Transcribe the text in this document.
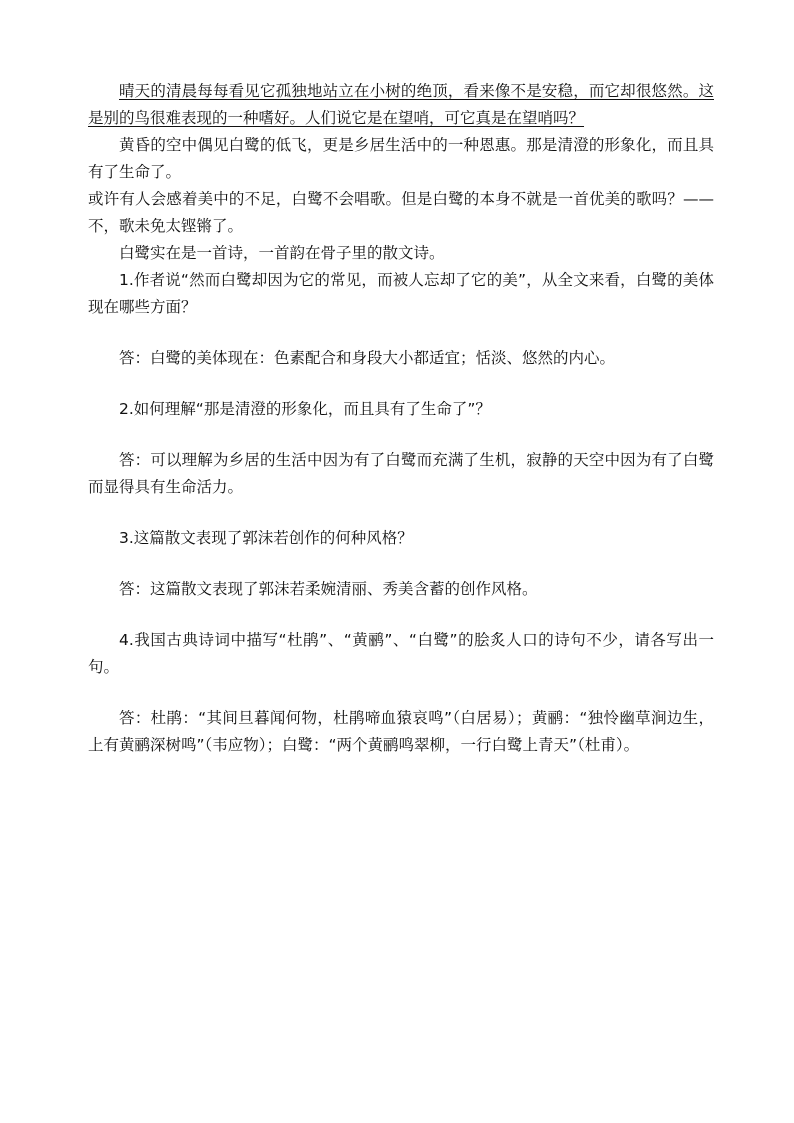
晴天的清晨每每看见它孤独地站立在小树的绝顶，看来像不是安稳，而它却很悠然。这是别的鸟很难表现的一种嗜好。人们说它是在望哨，可它真是在望哨吗？

黄昏的空中偶见白鹭的低飞，更是乡居生活中的一种恩惠。那是清澄的形象化，而且具有了生命了。

或许有人会感着美中的不足，白鹭不会唱歌。但是白鹭的本身不就是一首优美的歌吗？——不，歌未免太铿锵了。

白鹭实在是一首诗，一首韵在骨子里的散文诗。

1.作者说“然而白鹭却因为它的常见，而被人忘却了它的美”，从全文来看，白鹭的美体现在哪些方面？

答：白鹭的美体现在：色素配合和身段大小都适宜；恬淡、悠然的内心。

2.如何理解“那是清澄的形象化，而且具有了生命了”？

答：可以理解为乡居的生活中因为有了白鹭而充满了生机，寂静的天空中因为有了白鹭而显得具有生命活力。

3.这篇散文表现了郭沫若创作的何种风格？

答：这篇散文表现了郭沫若柔婉清丽、秀美含蓄的创作风格。

4.我国古典诗词中描写“杜鹃”、“黄鹂”、“白鹭”的脍炙人口的诗句不少，请各写出一句。

答：杜鹃：“其间旦暮闻何物，杜鹃啼血猿哀鸣”（白居易）；黄鹂：“独怜幽草涧边生，上有黄鹂深树鸣”（韦应物）；白鹭：“两个黄鹂鸣翠柳，一行白鹭上青天”（杜甫）。
